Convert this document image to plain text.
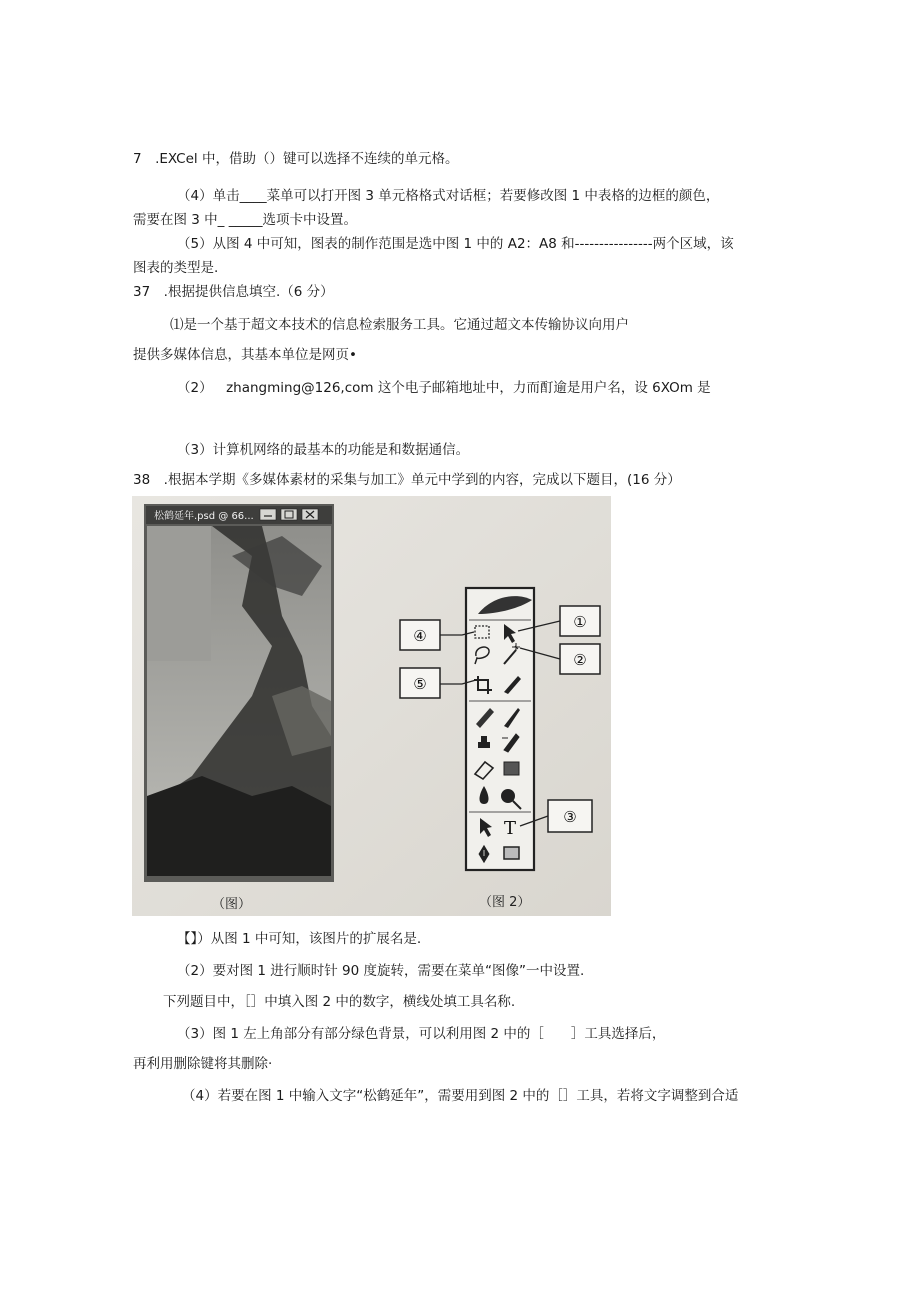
7 .EXCel 中，借助（）键可以选择不连续的单元格。
（4）单击____菜单可以打开图 3 单元格格式对话框；若要修改图 1 中表格的边框的颜色，
需要在图 3 中_ _____选项卡中设置。
（5）从图 4 中可知，图表的制作范围是选中图 1 中的 A2：A8 和----------------两个区域，该
图表的类型是.
37 .根据提供信息填空.（6 分）
⑴是一个基于超文本技术的信息检索服务工具。它通过超文本传输协议向用户
提供多媒体信息，其基本单位是网页•
（2） zhangming@126,com 这个电子邮箱地址中，力而酊逾是用户名，设 6XOm 是
（3）计算机网络的最基本的功能是和数据通信。
38 .根据本学期《多媒体素材的采集与加工》单元中学到的内容，完成以下题目，(16 分）
松鹤延年.psd @ 66...
（图）
T
（图 2）
①
②
③
④
⑤
【】）从图 1 中可知，该图片的扩展名是.
（2）要对图 1 进行顺时针 90 度旋转，需要在菜单“图像”一中设置.
下列题目中，［］中填入图 2 中的数字，横线处填工具名称.
（3）图 1 左上角部分有部分绿色背景，可以利用图 2 中的［  ］工具选择后，
再利用删除键将其删除·
（4）若要在图 1 中输入文字“松鹤延年”，需要用到图 2 中的［］工具，若将文字调整到合适
